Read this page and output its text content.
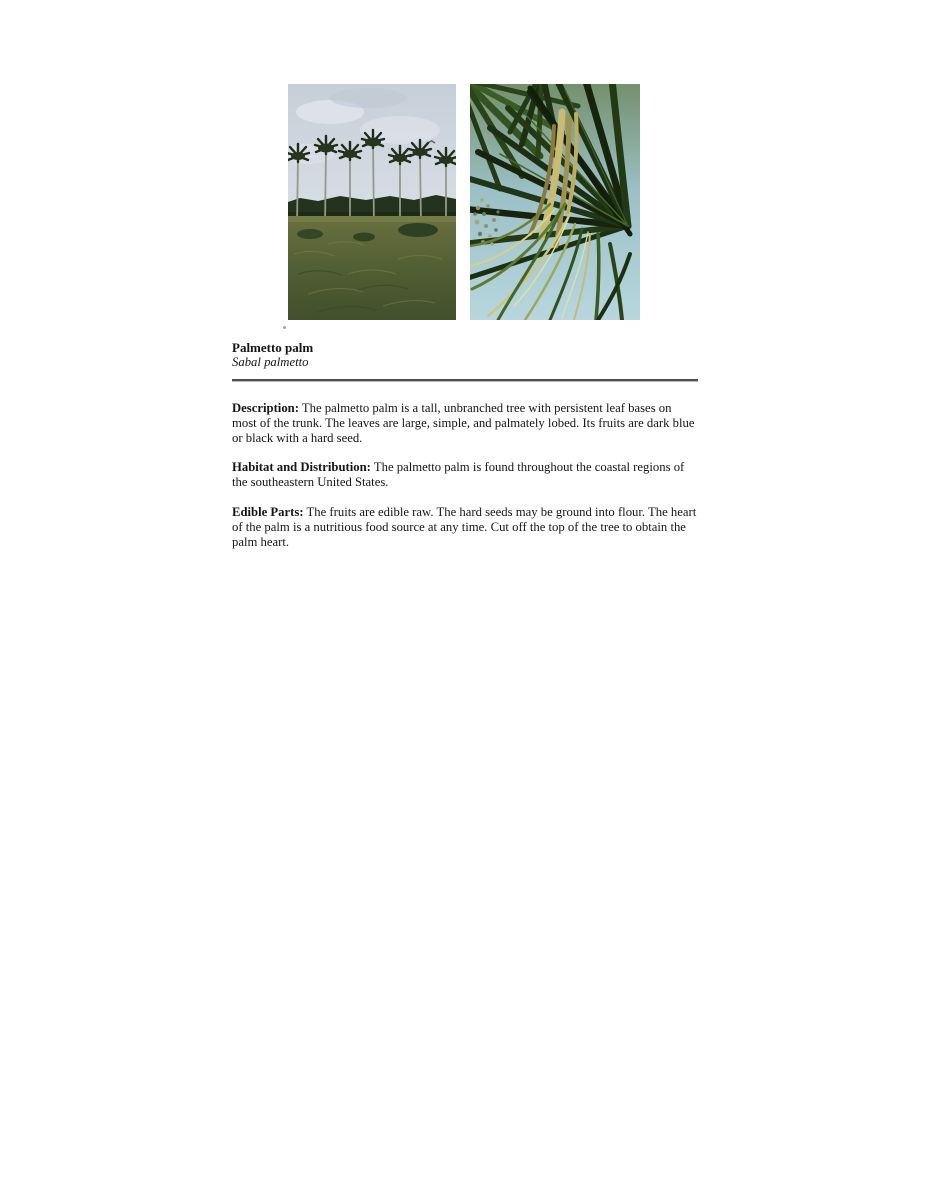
Palmetto palm
Sabal palmetto

Description: The palmetto palm is a tall, unbranched tree with persistent leaf bases on most of the trunk. The leaves are large, simple, and palmately lobed. Its fruits are dark blue or black with a hard seed.

Habitat and Distribution: The palmetto palm is found throughout the coastal regions of the southeastern United States.

Edible Parts: The fruits are edible raw. The hard seeds may be ground into flour. The heart of the palm is a nutritious food source at any time. Cut off the top of the tree to obtain the palm heart.
